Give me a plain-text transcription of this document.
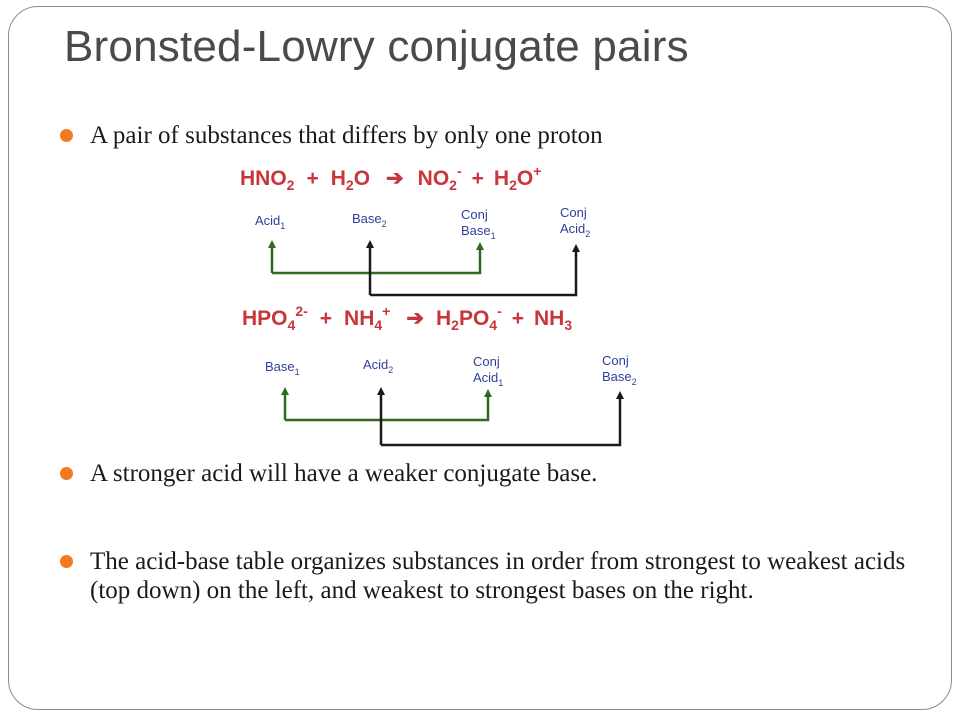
Bronsted-Lowry conjugate pairs
A pair of substances that differs by only one proton
A stronger acid will have a weaker conjugate base.
The acid-base table organizes substances in order from strongest to weakest acids (top down) on the left, and weakest to strongest bases on the right.
$HNO_2 + H_2O$ ➔ $NO_2^- + H_2O^+$
Acid$_1$	Base$_2$
Conj Base$_1$
Conj Acid$_2$
$HPO_4^{2-} + NH_4^+$ ➔ $H_2PO_4^- + NH_3$
Base$_1$	Acid$_2$
Conj Acid$_1$
Conj Base$_2$
